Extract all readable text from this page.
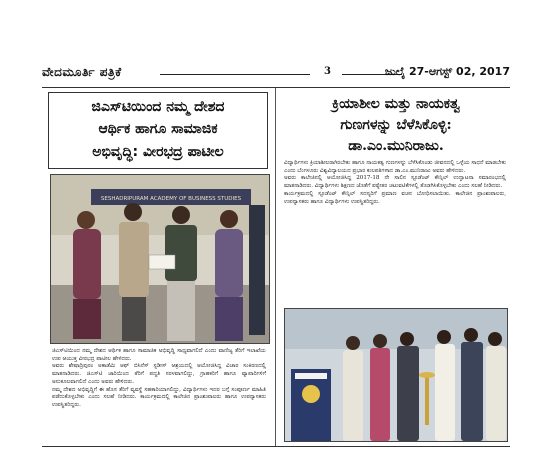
ವೇದಮೂರ್ತಿ ಪತ್ರಿಕೆ	3	ಜುಲೈ 27-ಆಗಸ್ಟ್ 02, 2017
ಜಿಎಸ್‌ಟಿಯಿಂದ ನಮ್ಮ ದೇಶದ
ಆರ್ಥಿಕ ಹಾಗೂ ಸಾಮಾಜಿಕ
ಅಭಿವೃದ್ಧಿ: ವೀರಭದ್ರ ಪಾಟೀಲ
SESHADRIPURAM ACADEMY OF BUSINESS STUDIES

ಜಿಎಸ್‌ಟಿಯಿಂದ ನಮ್ಮ ದೇಶದ ಆರ್ಥಿಕ ಹಾಗೂ ಸಾಮಾಜಿಕ ಅಭಿವೃದ್ಧಿ ಸಾಧ್ಯವಾಗಲಿದೆ ಎಂದು ವಾಣಿಜ್ಯ ತೆರಿಗೆ ಇಲಾಖೆಯ ಉಪ ಆಯುಕ್ತ ವೀರಭದ್ರ ಪಾಟೀಲ ಹೇಳಿದರು.

ಅವರು ಶೇಷಾದ್ರಿಪುರಂ ಅಕಾಡೆಮಿ ಆಫ್ ಬಿಸಿನೆಸ್ ಸ್ಟಡೀಸ್ ಆಶ್ರಯದಲ್ಲಿ ಆಯೋಜಿಸಿದ್ದ ವಿಚಾರ ಸಂಕಿರಣದಲ್ಲಿ ಮಾತನಾಡಿದರು. ಜಿಎಸ್‌ಟಿ ಜಾರಿಯಿಂದ ತೆರಿಗೆ ಪದ್ಧತಿ ಸರಳವಾಗಲಿದ್ದು, ಗ್ರಾಹಕರಿಗೆ ಹಾಗೂ ವ್ಯಾಪಾರಿಗಳಿಗೆ ಅನುಕೂಲವಾಗಲಿದೆ ಎಂದು ಅವರು ಹೇಳಿದರು.

ನಮ್ಮ ದೇಶದ ಅಭಿವೃದ್ಧಿಗೆ ಈ ಹೊಸ ತೆರಿಗೆ ವ್ಯವಸ್ಥೆ ಸಹಕಾರಿಯಾಗಲಿದ್ದು, ವಿದ್ಯಾರ್ಥಿಗಳು ಇದರ ಬಗ್ಗೆ ಸಂಪೂರ್ಣ ಮಾಹಿತಿ ಪಡೆದುಕೊಳ್ಳಬೇಕು ಎಂದು ಸಲಹೆ ನೀಡಿದರು. ಕಾರ್ಯಕ್ರಮದಲ್ಲಿ ಕಾಲೇಜಿನ ಪ್ರಾಂಶುಪಾಲರು ಹಾಗೂ ಉಪನ್ಯಾಸಕರು ಉಪಸ್ಥಿತರಿದ್ದರು.

ಕ್ರಿಯಾಶೀಲ ಮತ್ತು ನಾಯಕತ್ವ
ಗುಣಗಳನ್ನು ಬೆಳೆಸಿಕೊಳ್ಳಿ:
ಡಾ.ಎಂ.ಮುನಿರಾಜು.

ವಿದ್ಯಾರ್ಥಿಗಳು ಕ್ರಿಯಾಶೀಲರಾಗಿರಬೇಕು ಹಾಗೂ ನಾಯಕತ್ವ ಗುಣಗಳನ್ನು ಬೆಳೆಸಿಕೊಂಡು ಜೀವನದಲ್ಲಿ ಒಳ್ಳೆಯ ಸಾಧನೆ ಮಾಡಬೇಕು ಎಂದು ಬೆಂಗಳೂರು ವಿಶ್ವವಿದ್ಯಾಲಯದ ಪ್ರಭಾರ ಕುಲಪತಿಗಳಾದ ಡಾ.ಎಂ.ಮುನಿರಾಜು ಅವರು ಹೇಳಿದರು.

ಅವರು ಕಾಲೇಜಿನಲ್ಲಿ ಆಯೋಜಿಸಿದ್ದ 2017-18 ನೇ ಸಾಲಿನ ಸ್ಟೂಡೆಂಟ್ ಕೌನ್ಸಿಲ್ ಉದ್ಘಾಟನಾ ಸಮಾರಂಭದಲ್ಲಿ ಮಾತನಾಡಿದರು. ವಿದ್ಯಾರ್ಥಿಗಳು ಶಿಕ್ಷಣದ ಜೊತೆಗೆ ಪಠ್ಯೇತರ ಚಟುವಟಿಕೆಗಳಲ್ಲಿ ತೊಡಗಿಸಿಕೊಳ್ಳಬೇಕು ಎಂದು ಸಲಹೆ ನೀಡಿದರು.

ಕಾರ್ಯಕ್ರಮದಲ್ಲಿ ಸ್ಟೂಡೆಂಟ್ ಕೌನ್ಸಿಲ್ ಸದಸ್ಯರಿಗೆ ಪ್ರಮಾಣ ವಚನ ಬೋಧಿಸಲಾಯಿತು. ಕಾಲೇಜಿನ ಪ್ರಾಂಶುಪಾಲರು, ಉಪನ್ಯಾಸಕರು ಹಾಗೂ ವಿದ್ಯಾರ್ಥಿಗಳು ಉಪಸ್ಥಿತರಿದ್ದರು.
